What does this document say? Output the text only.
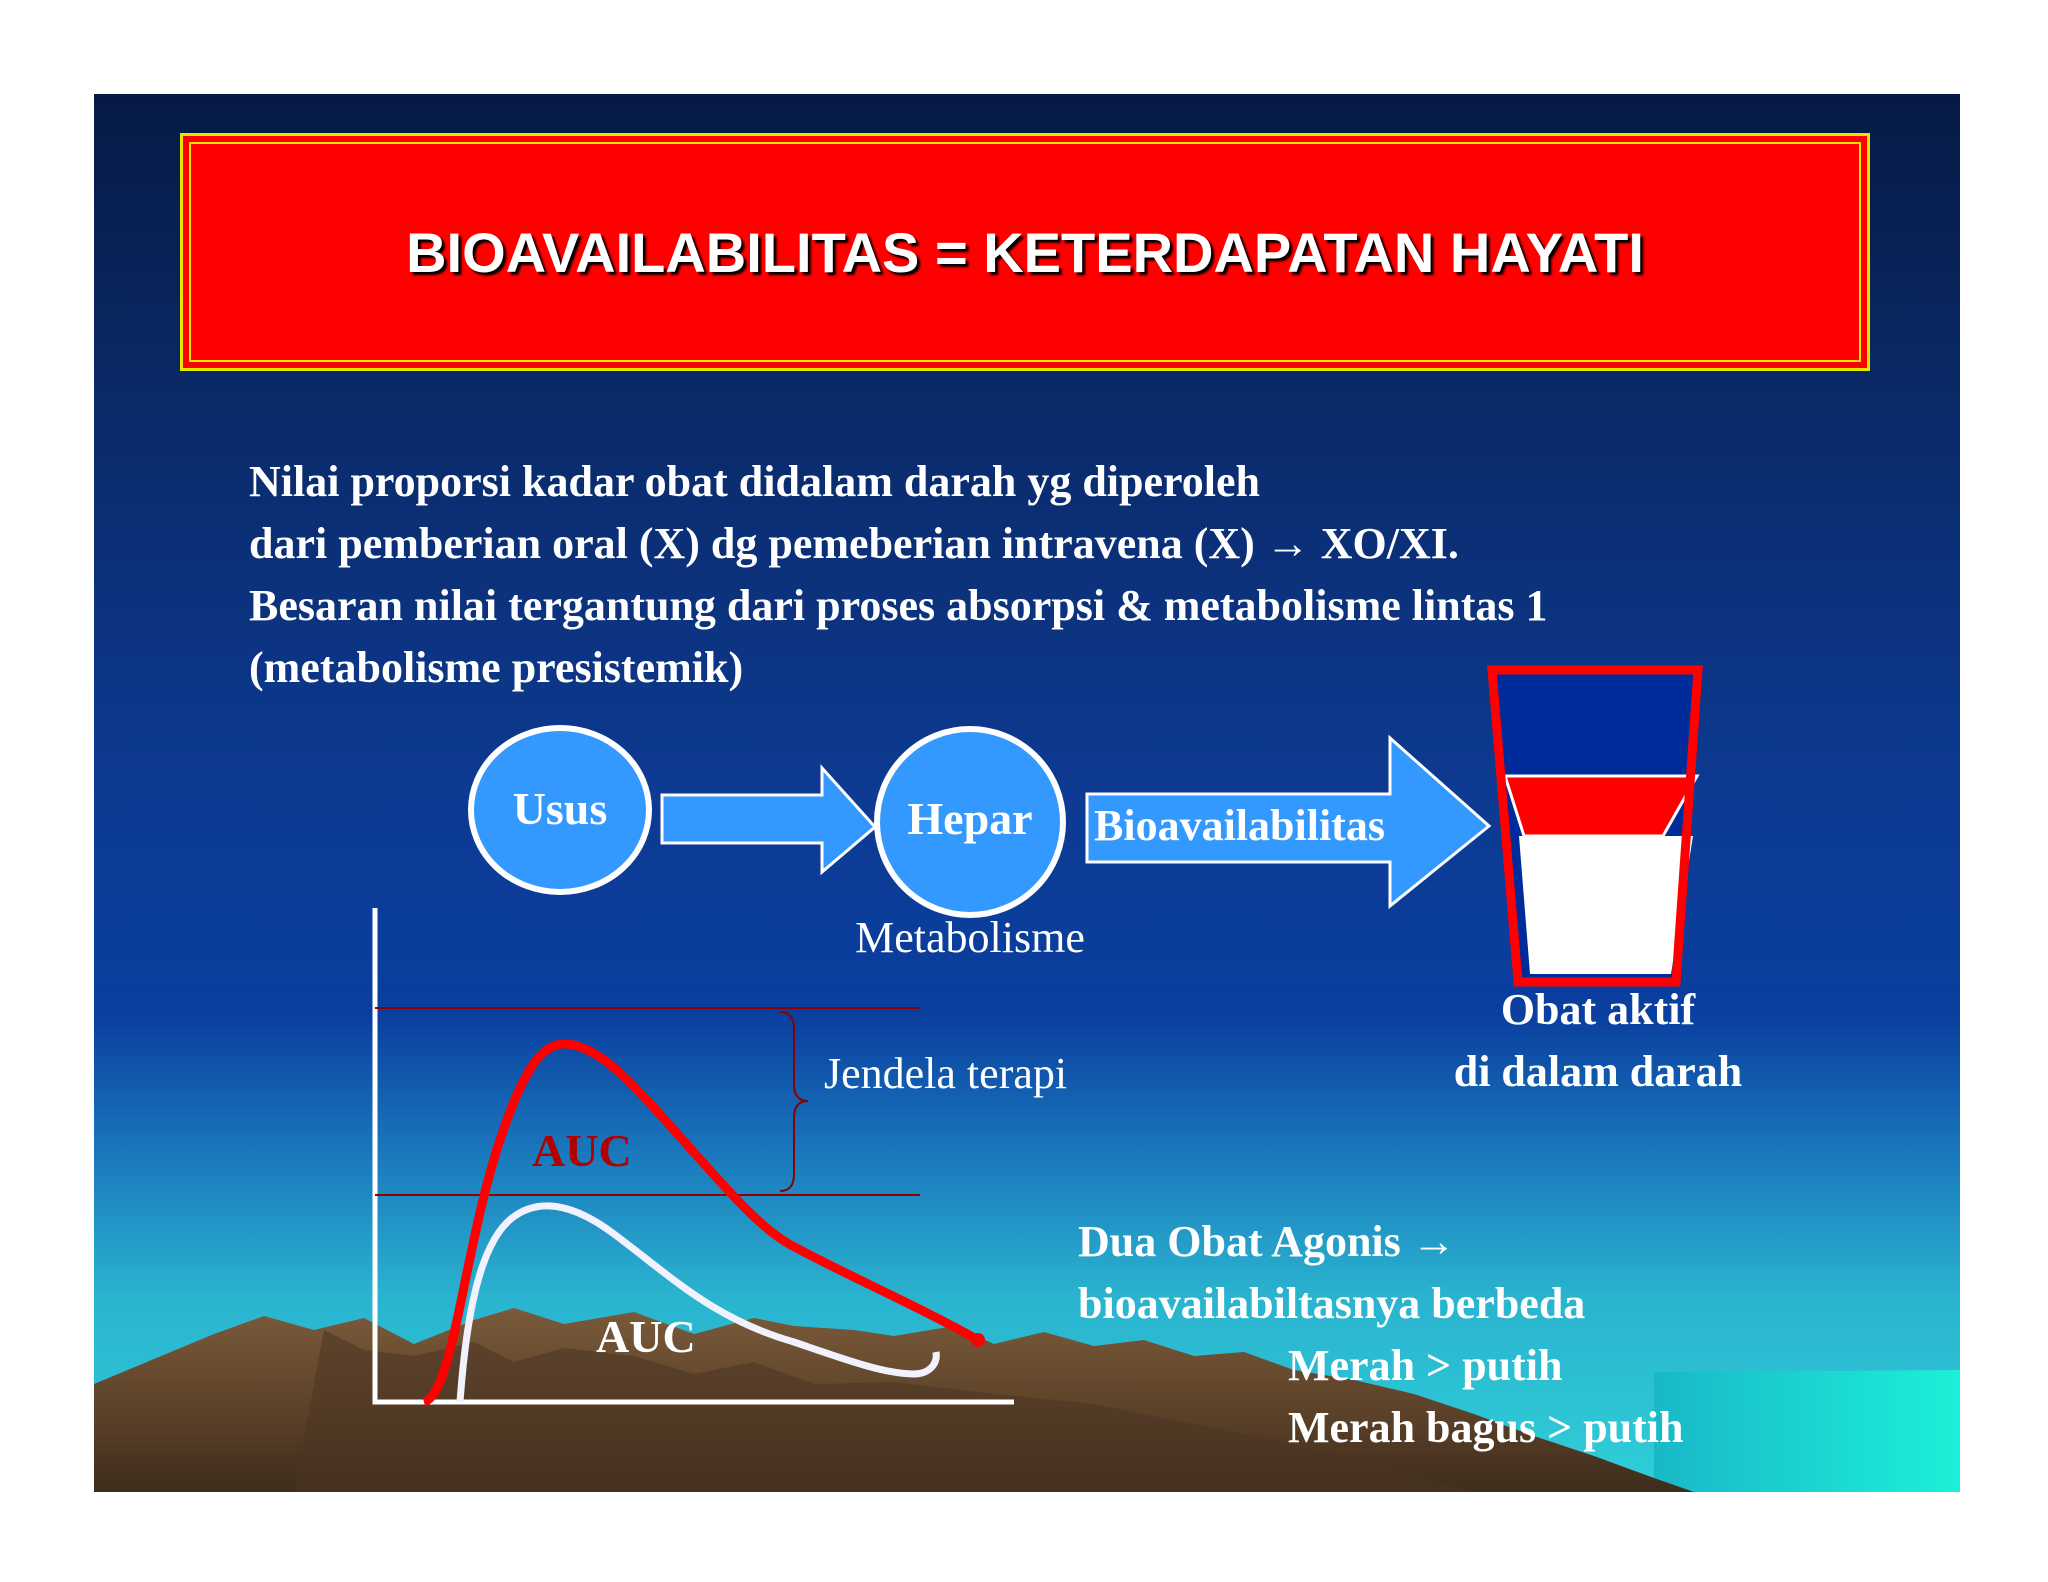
BIOAVAILABILITAS = KETERDAPATAN HAYATI
Nilai proporsi kadar obat didalam darah yg diperoleh
dari pemberian oral (X) dg pemeberian intravena (X) → XO/XI.
Besaran nilai tergantung dari proses absorpsi & metabolisme lintas 1
(metabolisme presistemik)
Usus	Hepar	Bioavailabilitas
Metabolisme
Obat aktif
di dalam darah
Jendela terapi
AUC
AUC
Dua Obat Agonis →
bioavailabiltasnya berbeda
Merah > putih
Merah bagus > putih
